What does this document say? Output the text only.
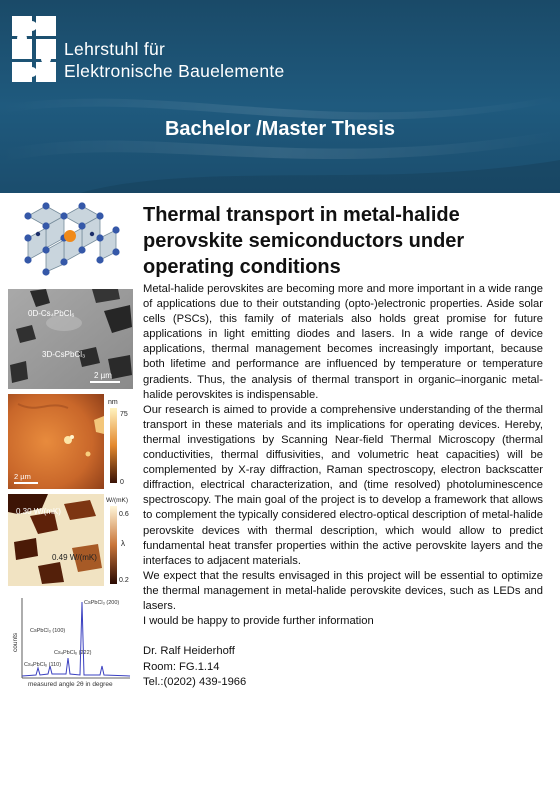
Lehrstuhl für
Elektronische Bauelemente
Bachelor /Master Thesis
0D-Cs₄PbCl₆
3D-CsPbCl₃
2 µm
2 µm
nm
75
0
0.30 W/(mK)
0.49 W/(mK)
W/(mK)
0.6
λ
0.2
counts
measured angle 2θ in degree
CsPbCl₃ (200)
CsPbCl₃ (100)
Cs₄PbCl₆ (222)
Cs₄PbCl₆ (110)
Thermal transport in metal-halide perovskite semiconductors under operating conditions

Metal-halide perovskites are becoming more and more important in a wide range of applications due to their outstanding (opto-)electronic properties. Aside solar cells (PSCs), this family of materials also holds great promise for future applications in light emitting diodes and lasers. In a wide range of device applications, thermal management becomes increasingly important, because both lifetime and performance are influenced by temperature or temperature gradients. Thus, the analysis of thermal transport in organic–inorganic metal-halide perovskites is indispensable.

Our research is aimed to provide a comprehensive understanding of the thermal transport in these materials and its implications for operating devices. Hereby, thermal investigations by Scanning Near-field Thermal Microscopy (thermal conductivities, thermal diffusivities, and volumetric heat capacities) will be complemented by X-ray diffraction, Raman spectroscopy, electron backscatter diffraction, electrical characterization, and (time resolved) photoluminescence spectroscopy. The main goal of the project is to develop a framework that allows to complement the typically considered electro-optical description of metal-halide perovskite devices with thermal description, which would allow to predict fundamental heat transfer properties within the active perovskite layers and the interfaces to adjacent materials.

We expect that the results envisaged in this project will be essential to optimize the thermal management in metal-halide perovskite devices, such as LEDs and lasers.

I would be happy to provide further information

Dr. Ralf Heiderhoff
Room: FG.1.14
Tel.:(0202) 439-1966
